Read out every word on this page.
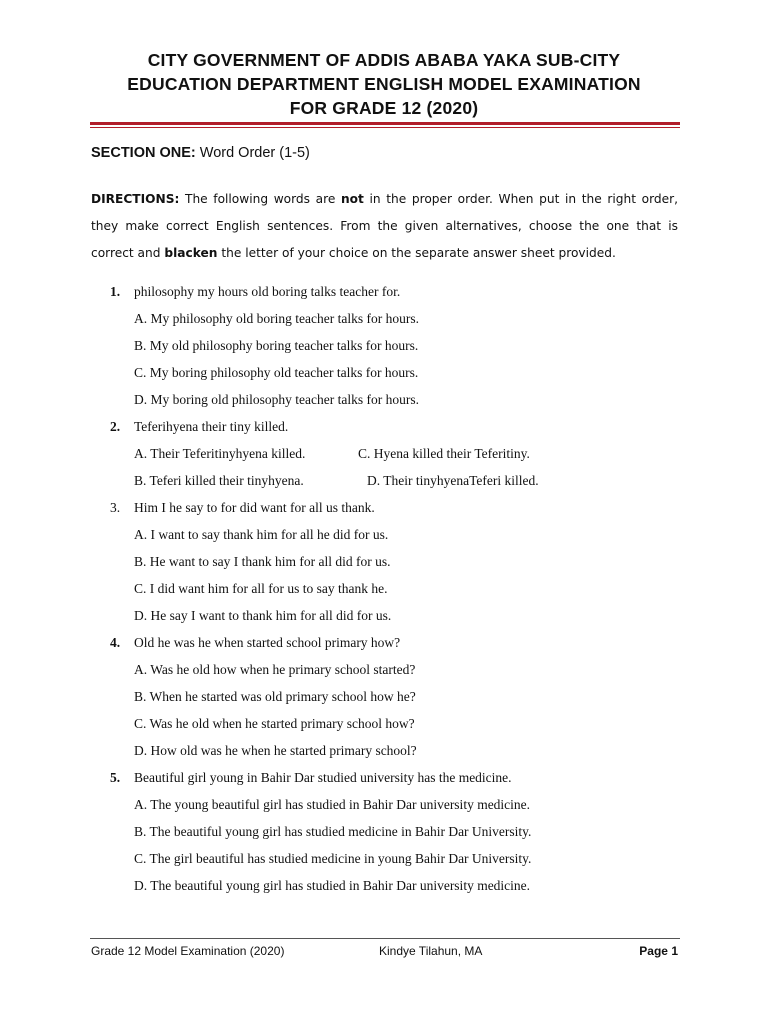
CITY GOVERNMENT OF ADDIS ABABA YAKA SUB-CITY
EDUCATION DEPARTMENT ENGLISH MODEL EXAMINATION
FOR GRADE 12 (2020)
SECTION ONE: Word Order (1-5)
DIRECTIONS: The following words are not in the proper order. When put in the right order, they make correct English sentences. From the given alternatives, choose the one that is correct and blacken the letter of your choice on the separate answer sheet provided.
1. philosophy my hours old boring talks teacher for.
A. My philosophy old boring teacher talks for hours.
B. My old philosophy boring teacher talks for hours.
C. My boring philosophy old teacher talks for hours.
D. My boring old philosophy teacher talks for hours.
2. Teferihyena their tiny killed.
A. Their Teferitinyhyena killed.	C. Hyena killed their Teferitiny.
B. Teferi killed their tinyhyena.	D. Their tinyhyenaTeferi killed.
3. Him I he say to for did want for all us thank.
A. I want to say thank him for all he did for us.
B. He want to say I thank him for all did for us.
C. I did want him for all for us to say thank he.
D. He say I want to thank him for all did for us.
4. Old he was he when started school primary how?
A. Was he old how when he primary school started?
B. When he started was old primary school how he?
C. Was he old when he started primary school how?
D. How old was he when he started primary school?
5. Beautiful girl young in Bahir Dar studied university has the medicine.
A. The young beautiful girl has studied in Bahir Dar university medicine.
B. The beautiful young girl has studied medicine in Bahir Dar University.
C. The girl beautiful has studied medicine in young Bahir Dar University.
D. The beautiful young girl has studied in Bahir Dar university medicine.
Grade 12 Model Examination (2020)	Kindye Tilahun, MA	Page 1
